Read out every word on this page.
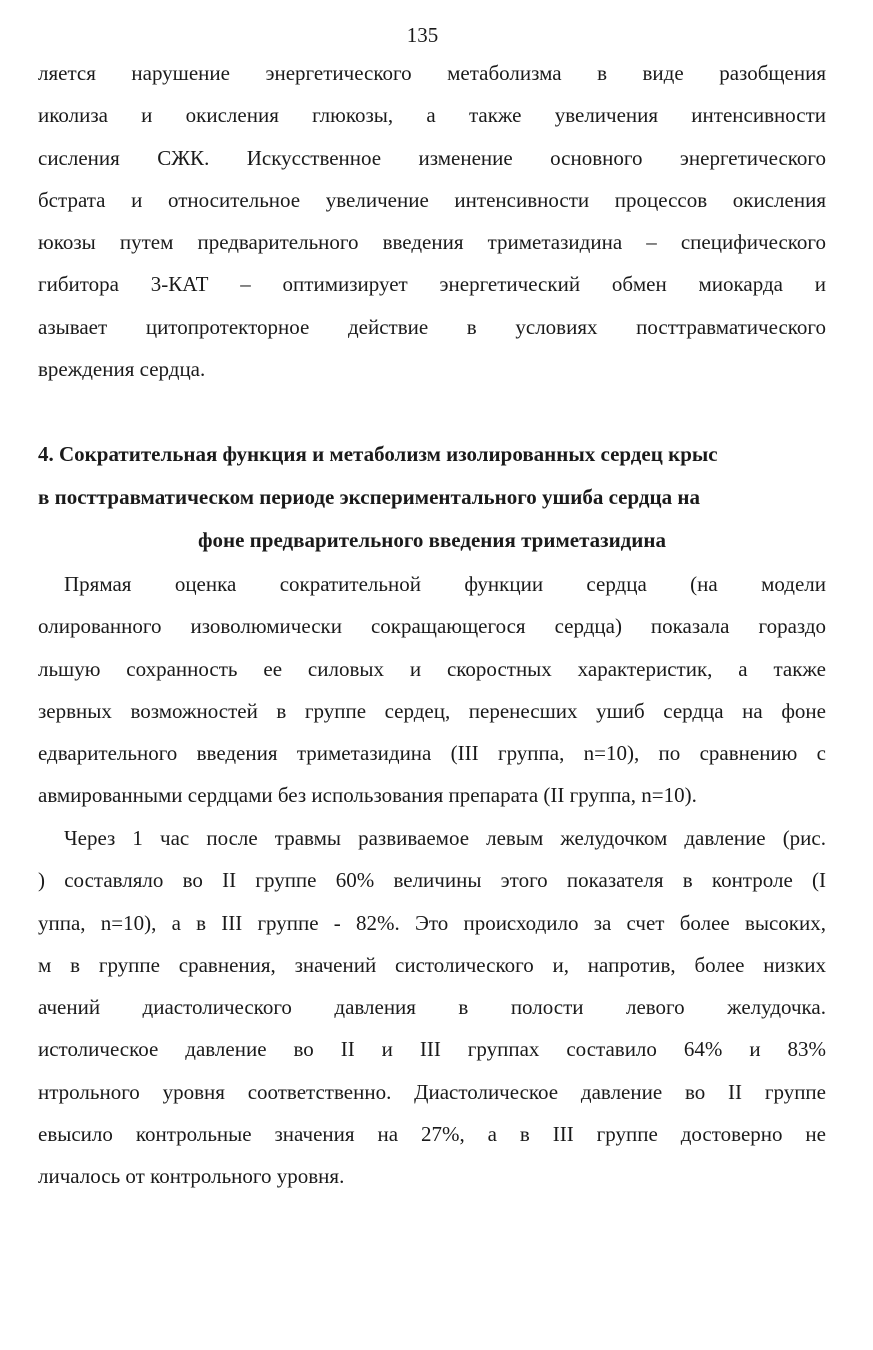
135
ляется нарушение энергетического метаболизма в виде разобщения
иколиза и окисления глюкозы, а также увеличения интенсивности
сисления СЖК. Искусственное изменение основного энергетического
бстрата и относительное увеличение интенсивности процессов окисления
юкозы путем предварительного введения триметазидина – специфического
гибитора 3-КАТ – оптимизирует энергетический обмен миокарда и
азывает цитопротекторное действие в условиях посттравматического
вреждения сердца.
4. Сократительная функция и метаболизм изолированных сердец крыс
в посттравматическом периоде экспериментального ушиба сердца на
фоне предварительного введения триметазидина
Прямая оценка сократительной функции сердца (на модели
олированного изоволюмически сокращающегося сердца) показала гораздо
льшую сохранность ее силовых и скоростных характеристик, а также
зервных возможностей в группе сердец, перенесших ушиб сердца на фоне
едварительного введения триметазидина (III группа, n=10), по сравнению с
авмированными сердцами без использования препарата (II группа, n=10).
Через 1 час после травмы развиваемое левым желудочком давление (рис.
) составляло во II группе 60% величины этого показателя в контроле (I
уппа, n=10), а в III группе - 82%. Это происходило за счет более высоких,
м в группе сравнения, значений систолического и, напротив, более низких
ачений диастолического давления в полости левого желудочка.
истолическое давление во II и III группах составило 64% и 83%
нтрольного уровня соответственно. Диастолическое давление во II группе
евысило контрольные значения на 27%, а в III группе достоверно не
личалось от контрольного уровня.
